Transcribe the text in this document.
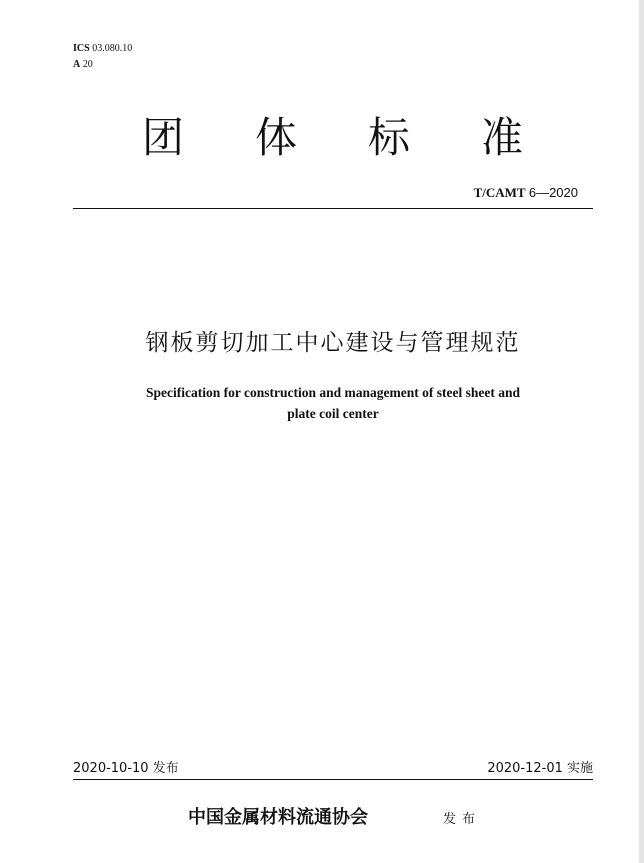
ICS 03.080.10
A 20
团 体 标 准
T/CAMT 6—2020
钢板剪切加工中心建设与管理规范
Specification for construction and management of steel sheet and
plate coil center
2020-10-10 发布	2020-12-01 实施
中国金属材料流通协会	发布
